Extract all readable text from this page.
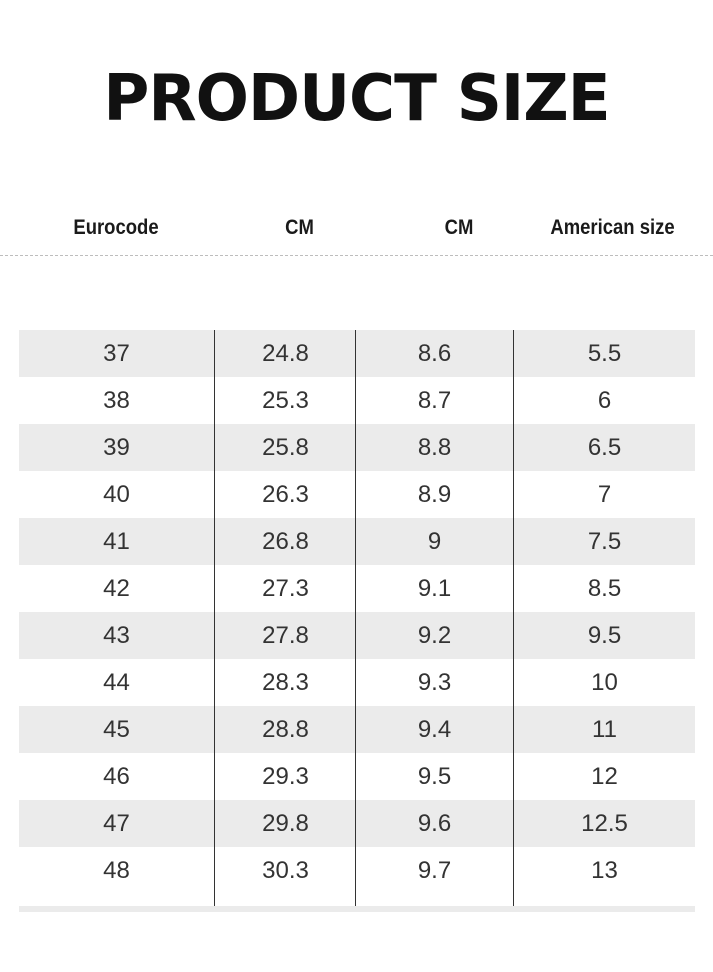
PRODUCT SIZE
Eurocode	CM	CM	American size
37	24.8	8.6	5.5
38	25.3	8.7	6
39	25.8	8.8	6.5
40	26.3	8.9	7
41	26.8	9	7.5
42	27.3	9.1	8.5
43	27.8	9.2	9.5
44	28.3	9.3	10
45	28.8	9.4	11
46	29.3	9.5	12
47	29.8	9.6	12.5
48	30.3	9.7	13
